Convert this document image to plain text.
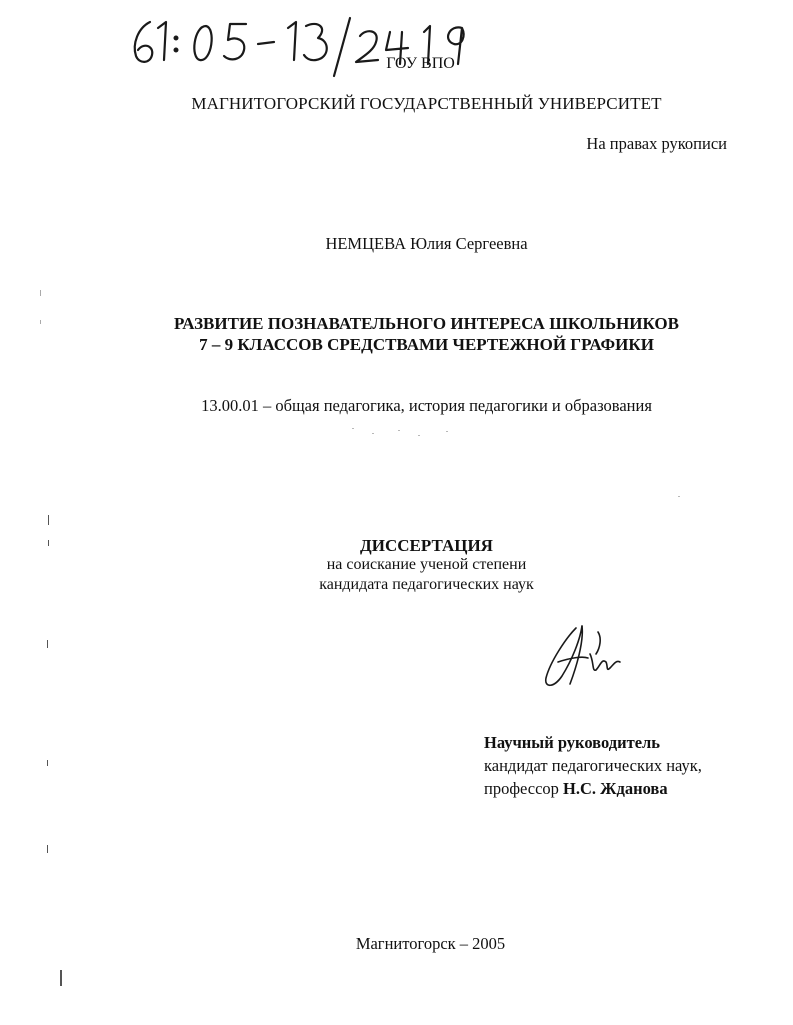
ГОУ ВПО
МАГНИТОГОРСКИЙ ГОСУДАРСТВЕННЫЙ УНИВЕРСИТЕТ
На правах рукописи
НЕМЦЕВА Юлия Сергеевна
РАЗВИТИЕ ПОЗНАВАТЕЛЬНОГО ИНТЕРЕСА ШКОЛЬНИКОВ
7 – 9 КЛАССОВ СРЕДСТВАМИ ЧЕРТЕЖНОЙ ГРАФИКИ
13.00.01 – общая педагогика, история педагогики и образования
ДИССЕРТАЦИЯ
на соискание ученой степени
кандидата педагогических наук
Научный руководитель
кандидат педагогических наук,
профессор Н.С. Жданова
Магнитогорск – 2005
